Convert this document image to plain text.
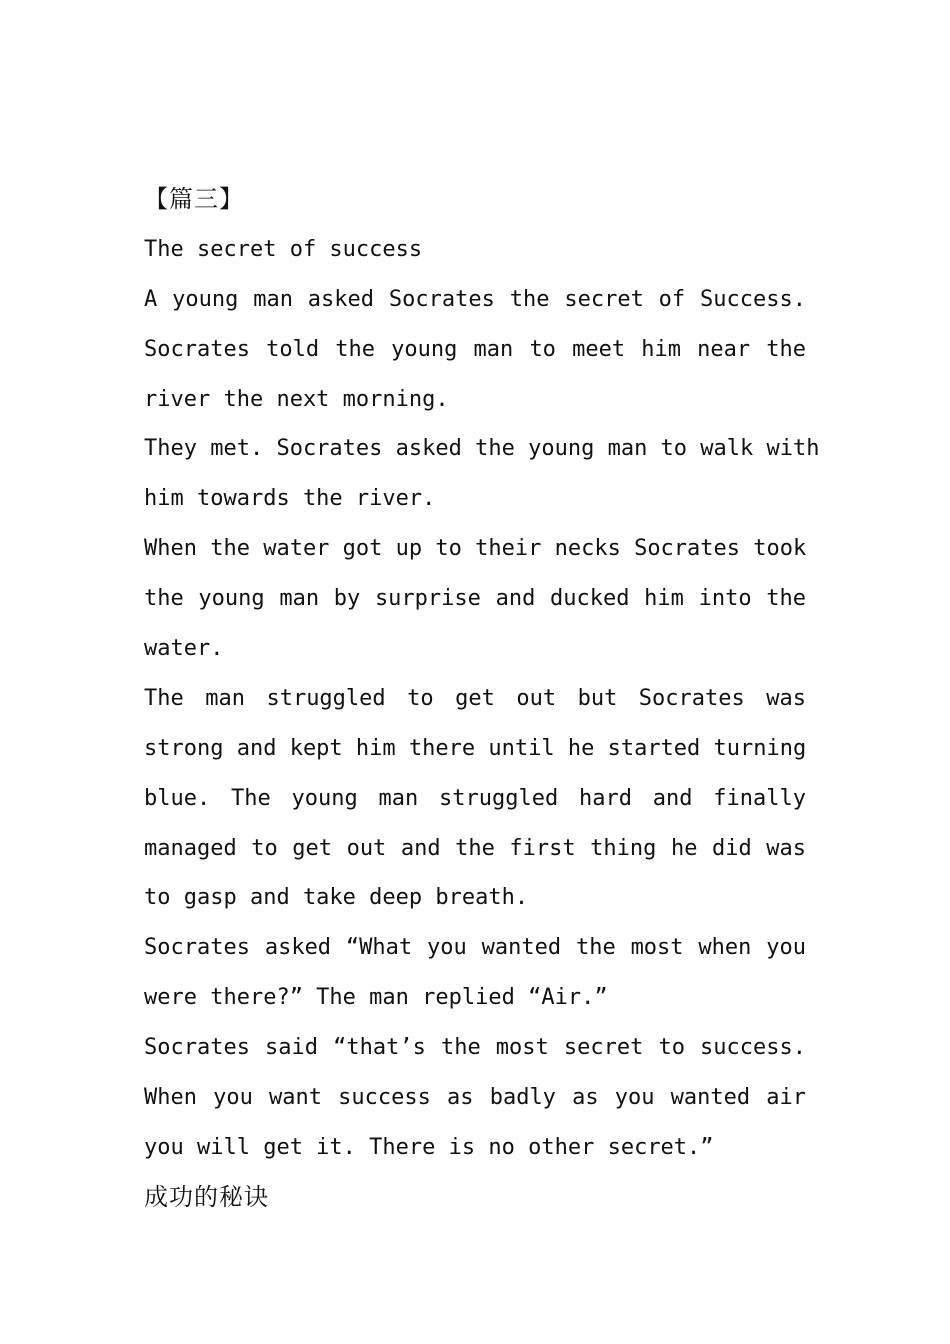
【篇三】
The secret of success
A young man asked Socrates the secret of Success.
Socrates told the young man to meet him near the
river the next morning.
They met. Socrates asked the young man to walk with
him towards the river.
When the water got up to their necks Socrates took
the young man by surprise and ducked him into the
water.
The man struggled to get out but Socrates was
strong and kept him there until he started turning
blue. The young man struggled hard and finally
managed to get out and the first thing he did was
to gasp and take deep breath.
Socrates asked “What you wanted the most when you
were there?” The man replied “Air.”
Socrates said “that’s the most secret to success.
When you want success as badly as you wanted air
you will get it. There is no other secret.”
成功的秘诀
